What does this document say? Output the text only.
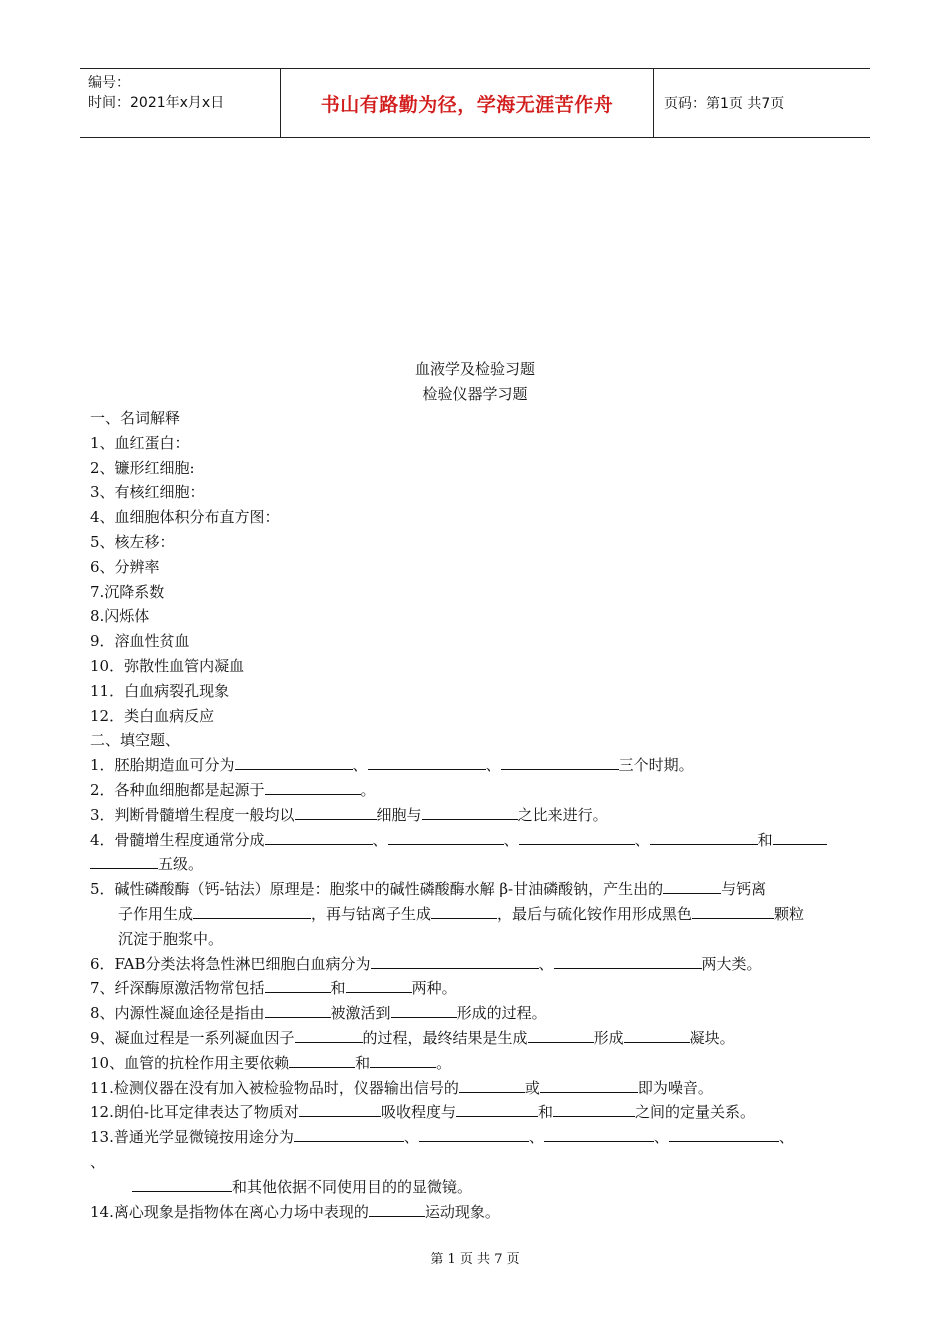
编号：
时间：2021年x月x日	书山有路勤为径，学海无涯苦作舟	页码：第1页 共7页
血液学及检验习题
检验仪器学习题
一、名词解释
1、血红蛋白：
2、镰形红细胞:
3、有核红细胞：
4、血细胞体积分布直方图：
5、核左移：
6、分辨率
7.沉降系数
8.闪烁体
9．溶血性贫血
10．弥散性血管内凝血
11．白血病裂孔现象
12．类白血病反应
二、填空题、
1．胚胎期造血可分为	、	、	三个时期。
2．各种血细胞都是起源于	。
3．判断骨髓增生程度一般均以	细胞与	之比来进行。
4．骨髓增生程度通常分成	、	、	、	和
五级。
5．碱性磷酸酶（钙-钴法）原理是：胞浆中的碱性磷酸酶水解 β-甘油磷酸钠，产生出的	与钙离
子作用生成	，再与钴离子生成	，最后与硫化铵作用形成黑色	颗粒
沉淀于胞浆中。
6．FAB分类法将急性淋巴细胞白血病分为	、	两大类。
7、纤深酶原激活物常包括	和	两种。
8、内源性凝血途径是指由	被激活到	形成的过程。
9、凝血过程是一系列凝血因子	的过程，最终结果是生成	形成	凝块。
10、血管的抗栓作用主要依赖	和	。
11.检测仪器在没有加入被检验物品时，仪器输出信号的	或	即为噪音。
12.朗伯-比耳定律表达了物质对	吸收程度与	和	之间的定量关系。
13.普通光学显微镜按用途分为	、	、	、	、
、
和其他依据不同使用目的的显微镜。
14.离心现象是指物体在离心力场中表现的	运动现象。
第 1 页 共 7 页
